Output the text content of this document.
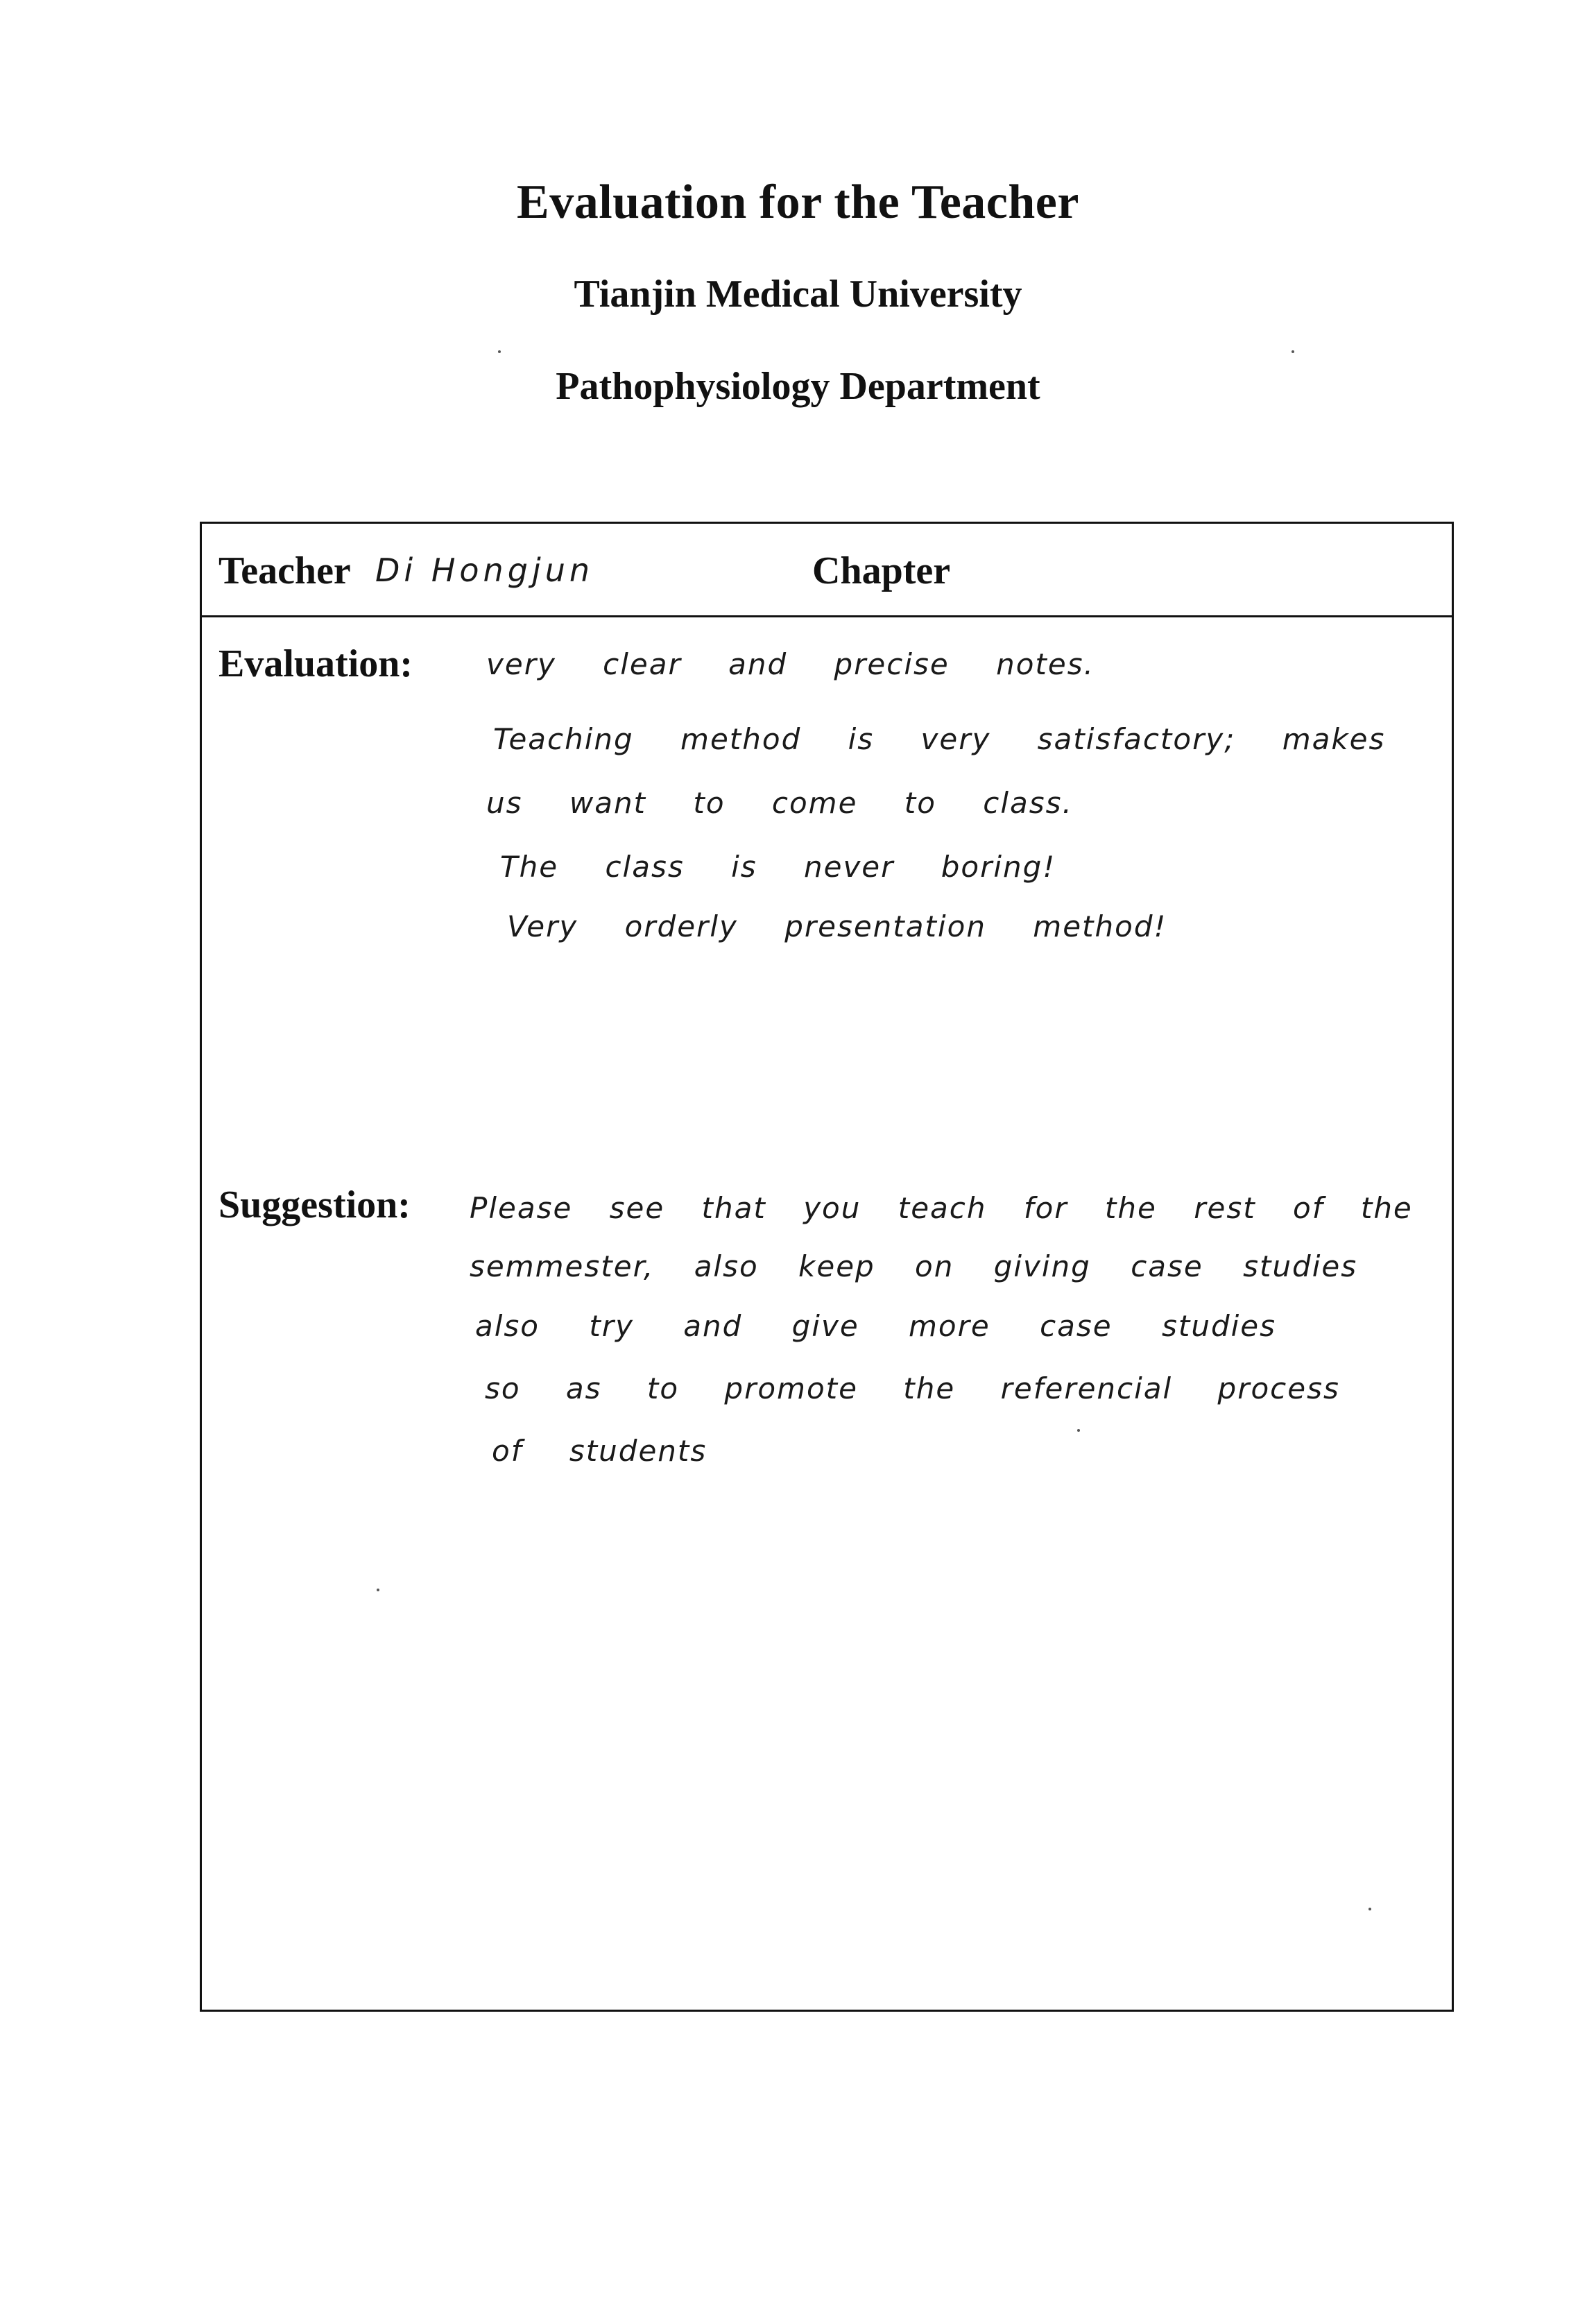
Evaluation for the Teacher
Tianjin Medical University
Pathophysiology Department
Teacher Di Hongjun	Chapter
Evaluation:	very clear and precise notes.
Teaching method is very satisfactory; makes
us want to come to class.
The class is never boring!
Very orderly presentation method!
Suggestion: Please see that you teach for the rest of the
semmester, also keep on giving case studies
also try and give more case studies
so as to promote the referencial process
of students
